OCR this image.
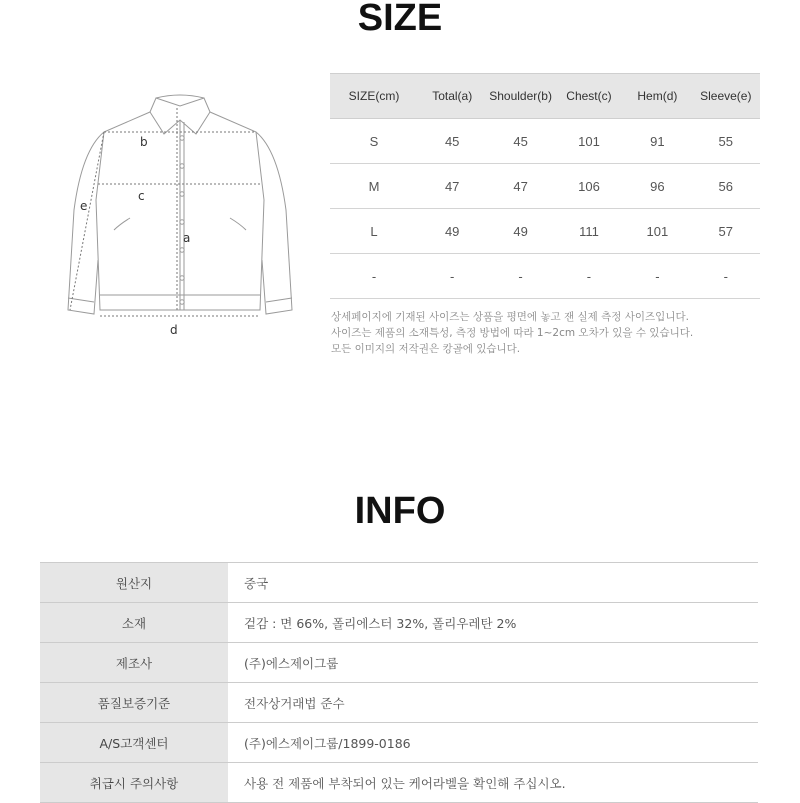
SIZE
b
c
a
e
d
SIZE(cm)	Total(a)	Shoulder(b)	Chest(c)	Hem(d)	Sleeve(e)
S	45	45	101	91	55
M	47	47	106	96	56
L	49	49	111	101	57
-	-	-	-	-	-
상세페이지에 기재된 사이즈는 상품을 평면에 놓고 잰 실제 측정 사이즈입니다.
사이즈는 제품의 소재특성, 측정 방법에 따라 1~2cm 오차가 있을 수 있습니다.
모든 이미지의 저작권은 캉골에 있습니다.
INFO
원산지	중국
소재	겉감 : 면 66%, 폴리에스터 32%, 폴리우레탄 2%
제조사	(주)에스제이그룹
품질보증기준	전자상거래법 준수
A/S고객센터	(주)에스제이그룹/1899-0186
취급시 주의사항	사용 전 제품에 부착되어 있는 케어라벨을 확인해 주십시오.
